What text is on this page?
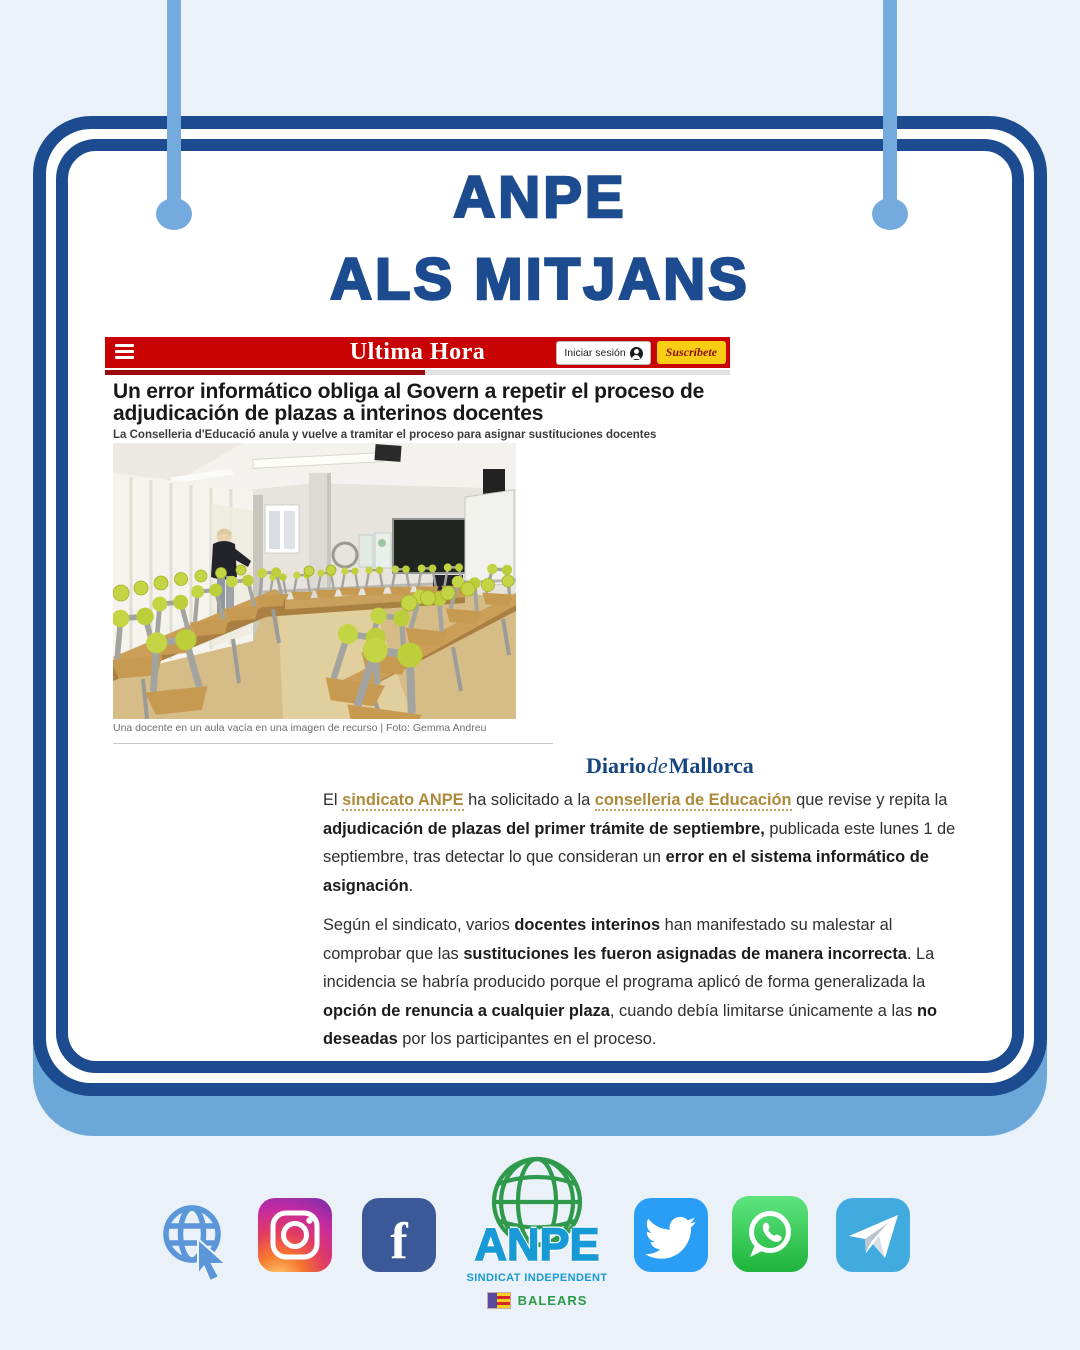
ANPE
ALS MITJANS
Ultima Hora	Iniciar sesión	Suscríbete
Un error informático obliga al Govern a repetir el proceso de adjudicación de plazas a interinos docentes
La Conselleria d'Educació anula y vuelve a tramitar el proceso para asignar sustituciones docentes
Una docente en un aula vacía en una imagen de recurso | Foto: Gemma Andreu
DiariodeMallorca

El sindicato ANPE ha solicitado a la conselleria de Educación que revise y repita la adjudicación de plazas del primer trámite de septiembre, publicada este lunes 1 de septiembre, tras detectar lo que consideran un error en el sistema informático de asignación.

Según el sindicato, varios docentes interinos han manifestado su malestar al comprobar que las sustituciones les fueron asignadas de manera incorrecta. La incidencia se habría producido porque el programa aplicó de forma generalizada la opción de renuncia a cualquier plaza, cuando debía limitarse únicamente a las no deseadas por los participantes en el proceso.

f	ANPE
SINDICAT INDEPENDENT
BALEARS
